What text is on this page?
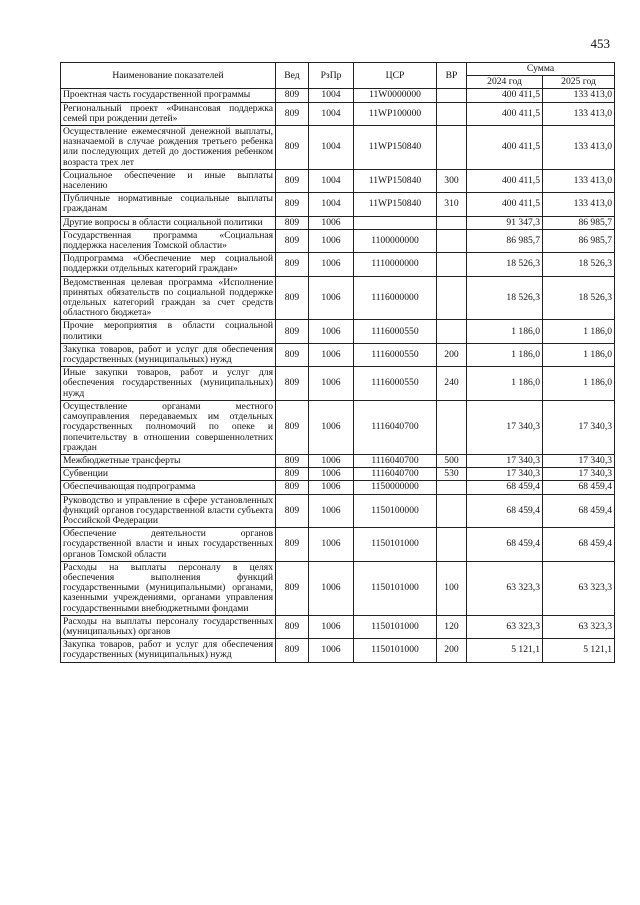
453
Наименование показателей	Вед	РзПр	ЦСР	ВР	Сумма	
					2024 год	2025 год
Проектная часть государственной программы	809	1004	11W0000000		400 411,5	133 413,0
Региональный проект «Финансовая поддержка семей при рождении детей»	809	1004	11WP100000		400 411,5	133 413,0
Осуществление ежемесячной денежной выплаты, назначаемой в случае рождения третьего ребенка или последующих детей до достижения ребенком возраста трех лет	809	1004	11WP150840		400 411,5	133 413,0
Социальное обеспечение и иные выплаты населению	809	1004	11WP150840	300	400 411,5	133 413,0
Публичные нормативные социальные выплаты гражданам	809	1004	11WP150840	310	400 411,5	133 413,0
Другие вопросы в области социальной политики	809	1006			91 347,3	86 985,7
Государственная программа «Социальная поддержка населения Томской области»	809	1006	1100000000		86 985,7	86 985,7
Подпрограмма «Обеспечение мер социальной поддержки отдельных категорий граждан»	809	1006	1110000000		18 526,3	18 526,3
Ведомственная целевая программа «Исполнение принятых обязательств по социальной поддержке отдельных категорий граждан за счет средств областного бюджета»	809	1006	1116000000		18 526,3	18 526,3
Прочие мероприятия в области социальной политики	809	1006	1116000550		1 186,0	1 186,0
Закупка товаров, работ и услуг для обеспечения государственных (муниципальных) нужд	809	1006	1116000550	200	1 186,0	1 186,0
Иные закупки товаров, работ и услуг для обеспечения государственных (муниципальных) нужд	809	1006	1116000550	240	1 186,0	1 186,0
Осуществление органами местного самоуправления передаваемых им отдельных государственных полномочий по опеке и попечительству в отношении совершеннолетних граждан	809	1006	1116040700		17 340,3	17 340,3
Межбюджетные трансферты	809	1006	1116040700	500	17 340,3	17 340,3
Субвенции	809	1006	1116040700	530	17 340,3	17 340,3
Обеспечивающая подпрограмма	809	1006	1150000000		68 459,4	68 459,4
Руководство и управление в сфере установленных функций органов государственной власти субъекта Российской Федерации	809	1006	1150100000		68 459,4	68 459,4
Обеспечение деятельности органов государственной власти и иных государственных органов Томской области	809	1006	1150101000		68 459,4	68 459,4
Расходы на выплаты персоналу в целях обеспечения выполнения функций государственными (муниципальными) органами, казенными учреждениями, органами управления государственными внебюджетными фондами	809	1006	1150101000	100	63 323,3	63 323,3
Расходы на выплаты персоналу государственных (муниципальных) органов	809	1006	1150101000	120	63 323,3	63 323,3
Закупка товаров, работ и услуг для обеспечения государственных (муниципальных) нужд	809	1006	1150101000	200	5 121,1	5 121,1
